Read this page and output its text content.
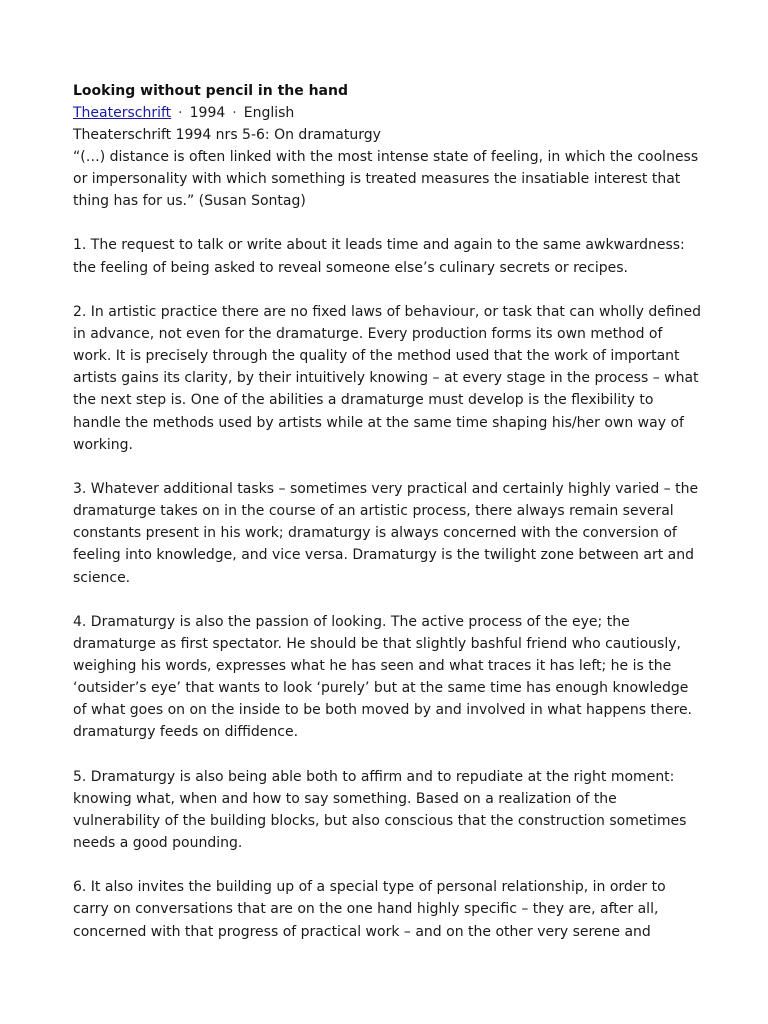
Looking without pencil in the hand

Theaterschrift · 1994 · English

Theaterschrift 1994 nrs 5-6: On dramaturgy

“(…) distance is often linked with the most intense state of feeling, in which the coolness or impersonality with which something is treated measures the insatiable interest that thing has for us.” (Susan Sontag)

1. The request to talk or write about it leads time and again to the same awkwardness: the feeling of being asked to reveal someone else’s culinary secrets or recipes.

2. In artistic practice there are no fixed laws of behaviour, or task that can wholly defined in advance, not even for the dramaturge. Every production forms its own method of work. It is precisely through the quality of the method used that the work of important artists gains its clarity, by their intuitively knowing – at every stage in the process – what the next step is. One of the abilities a dramaturge must develop is the flexibility to handle the methods used by artists while at the same time shaping his/her own way of working.

3. Whatever additional tasks – sometimes very practical and certainly highly varied – the dramaturge takes on in the course of an artistic process, there always remain several constants present in his work; dramaturgy is always concerned with the conversion of feeling into knowledge, and vice versa. Dramaturgy is the twilight zone between art and science.

4. Dramaturgy is also the passion of looking. The active process of the eye; the dramaturge as first spectator. He should be that slightly bashful friend who cautiously, weighing his words, expresses what he has seen and what traces it has left; he is the ‘outsider’s eye’ that wants to look ‘purely’ but at the same time has enough knowledge of what goes on on the inside to be both moved by and involved in what happens there. dramaturgy feeds on diffidence.

5. Dramaturgy is also being able both to affirm and to repudiate at the right moment: knowing what, when and how to say something. Based on a realization of the vulnerability of the building blocks, but also conscious that the construction sometimes needs a good pounding.

6. It also invites the building up of a special type of personal relationship, in order to carry on conversations that are on the one hand highly specific – they are, after all, concerned with that progress of practical work – and on the other very serene and
